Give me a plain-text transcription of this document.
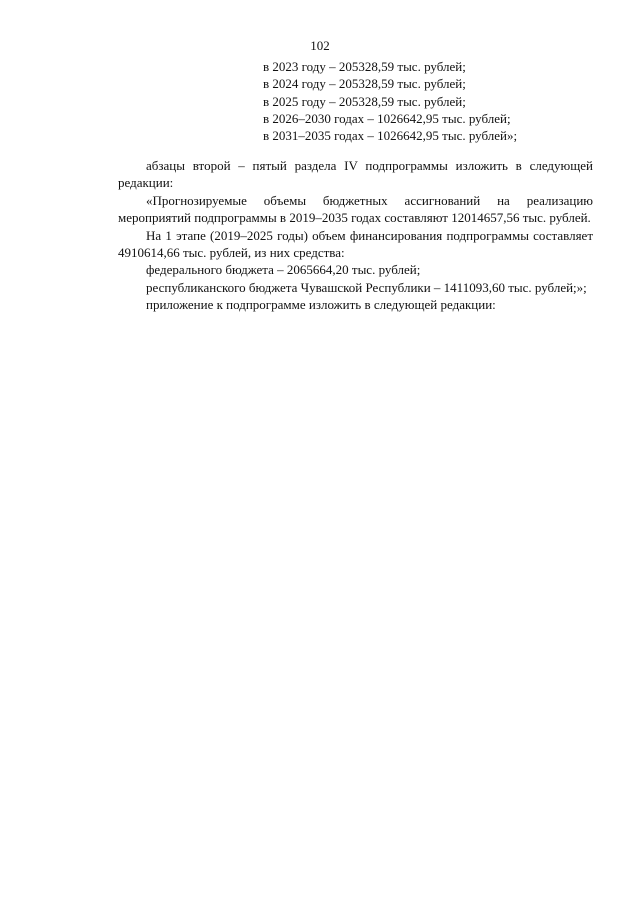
102
в 2023 году – 205328,59 тыс. рублей;
в 2024 году – 205328,59 тыс. рублей;
в 2025 году – 205328,59 тыс. рублей;
в 2026–2030 годах – 1026642,95 тыс. рублей;
в 2031–2035 годах – 1026642,95 тыс. рублей»;

абзацы второй – пятый раздела IV подпрограммы изложить в следующей редакции:

«Прогнозируемые объемы бюджетных ассигнований на реализацию мероприятий подпрограммы в 2019–2035 годах составляют 12014657,56 тыс. рублей.

На 1 этапе (2019–2025 годы) объем финансирования подпрограммы составляет 4910614,66 тыс. рублей, из них средства:

федерального бюджета – 2065664,20 тыс. рублей;

республиканского бюджета Чувашской Республики – 1411093,60 тыс. рублей;»;

приложение к подпрограмме изложить в следующей редакции:
